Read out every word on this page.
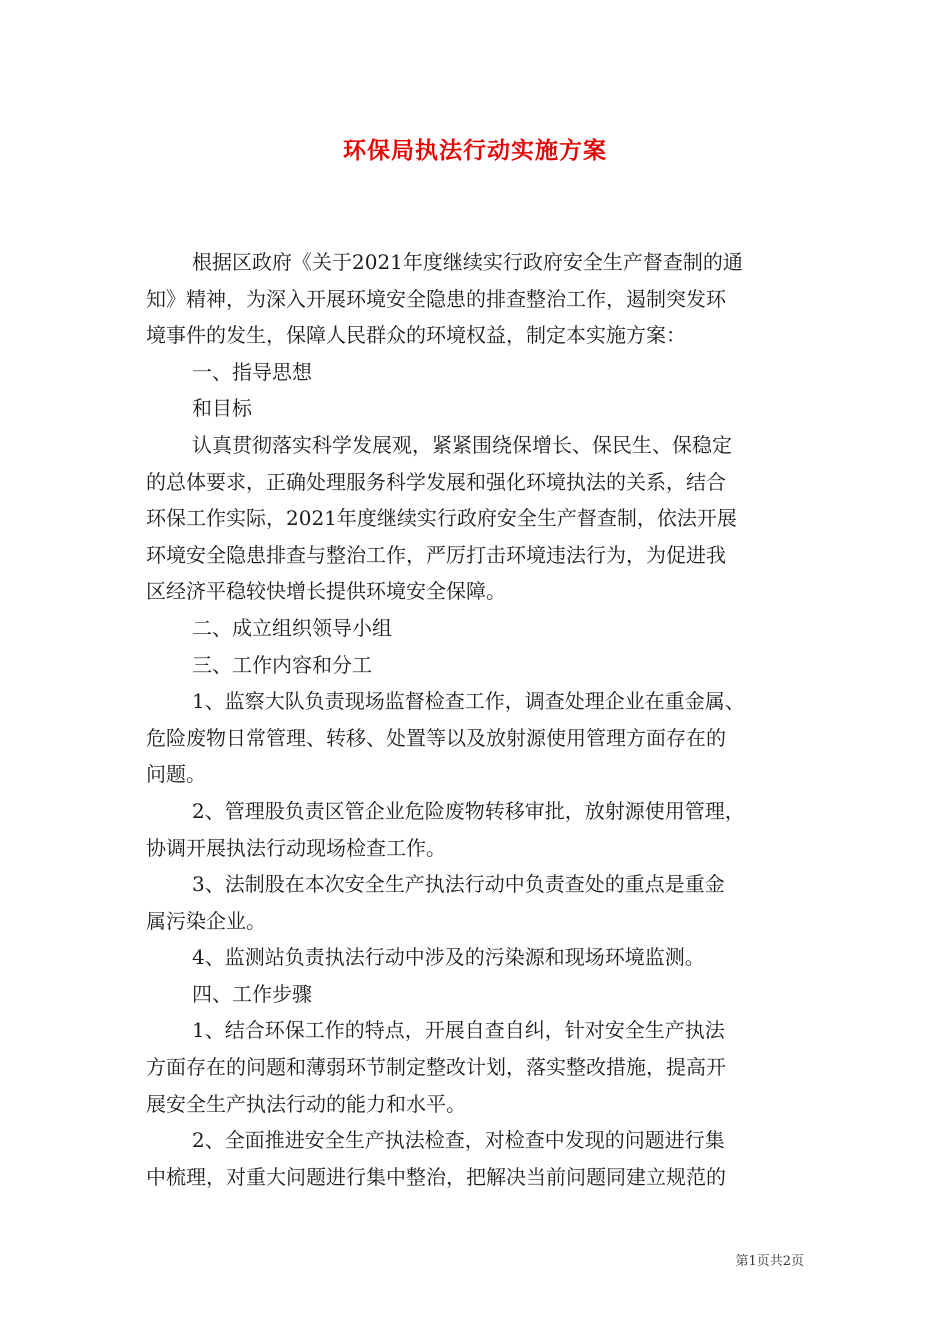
环保局执法行动实施方案
根据区政府《关于2021年度继续实行政府安全生产督查制的通
知》精神，为深入开展环境安全隐患的排查整治工作，遏制突发环
境事件的发生，保障人民群众的环境权益，制定本实施方案：
一、指导思想
和目标
认真贯彻落实科学发展观，紧紧围绕保增长、保民生、保稳定
的总体要求，正确处理服务科学发展和强化环境执法的关系，结合
环保工作实际，2021年度继续实行政府安全生产督查制，依法开展
环境安全隐患排查与整治工作，严厉打击环境违法行为，为促进我
区经济平稳较快增长提供环境安全保障。
二、成立组织领导小组
三、工作内容和分工
1、监察大队负责现场监督检查工作，调查处理企业在重金属、
危险废物日常管理、转移、处置等以及放射源使用管理方面存在的
问题。
2、管理股负责区管企业危险废物转移审批，放射源使用管理，
协调开展执法行动现场检查工作。
3、法制股在本次安全生产执法行动中负责查处的重点是重金
属污染企业。
4、监测站负责执法行动中涉及的污染源和现场环境监测。
四、工作步骤
1、结合环保工作的特点，开展自查自纠，针对安全生产执法
方面存在的问题和薄弱环节制定整改计划，落实整改措施，提高开
展安全生产执法行动的能力和水平。
2、全面推进安全生产执法检查，对检查中发现的问题进行集
中梳理，对重大问题进行集中整治，把解决当前问题同建立规范的
第1页共2页
